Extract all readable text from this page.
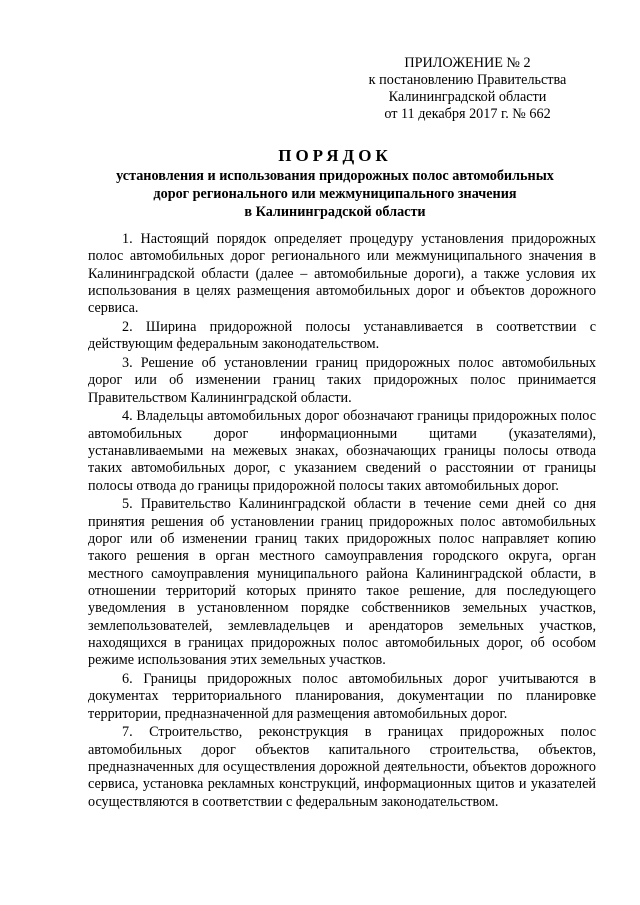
ПРИЛОЖЕНИЕ № 2
к постановлению Правительства
Калининградской области
от 11 декабря 2017 г. № 662
ПОРЯДОК
установления и использования придорожных полос автомобильных
дорог регионального или межмуниципального значения
в Калининградской области

1. Настоящий порядок определяет процедуру установления придорожных полос автомобильных дорог регионального или межмуниципального значения в Калининградской области (далее – автомобильные дороги), а также условия их использования в целях размещения автомобильных дорог и объектов дорожного сервиса.

2. Ширина придорожной полосы устанавливается в соответствии с действующим федеральным законодательством.

3. Решение об установлении границ придорожных полос автомобильных дорог или об изменении границ таких придорожных полос принимается Правительством Калининградской области.

4. Владельцы автомобильных дорог обозначают границы придорожных полос автомобильных дорог информационными щитами (указателями), устанавливаемыми на межевых знаках, обозначающих границы полосы отвода таких автомобильных дорог, с указанием сведений о расстоянии от границы полосы отвода до границы придорожной полосы таких автомобильных дорог.

5. Правительство Калининградской области в течение семи дней со дня принятия решения об установлении границ придорожных полос автомобильных дорог или об изменении границ таких придорожных полос направляет копию такого решения в орган местного самоуправления городского округа, орган местного самоуправления муниципального района Калининградской области, в отношении территорий которых принято такое решение, для последующего уведомления в установленном порядке собственников земельных участков, землепользователей, землевладельцев и арендаторов земельных участков, находящихся в границах придорожных полос автомобильных дорог, об особом режиме использования этих земельных участков.

6. Границы придорожных полос автомобильных дорог учитываются в документах территориального планирования, документации по планировке территории, предназначенной для размещения автомобильных дорог.

7. Строительство, реконструкция в границах придорожных полос автомобильных дорог объектов капитального строительства, объектов, предназначенных для осуществления дорожной деятельности, объектов дорожного сервиса, установка рекламных конструкций, информационных щитов и указателей осуществляются в соответствии с федеральным законодательством.
